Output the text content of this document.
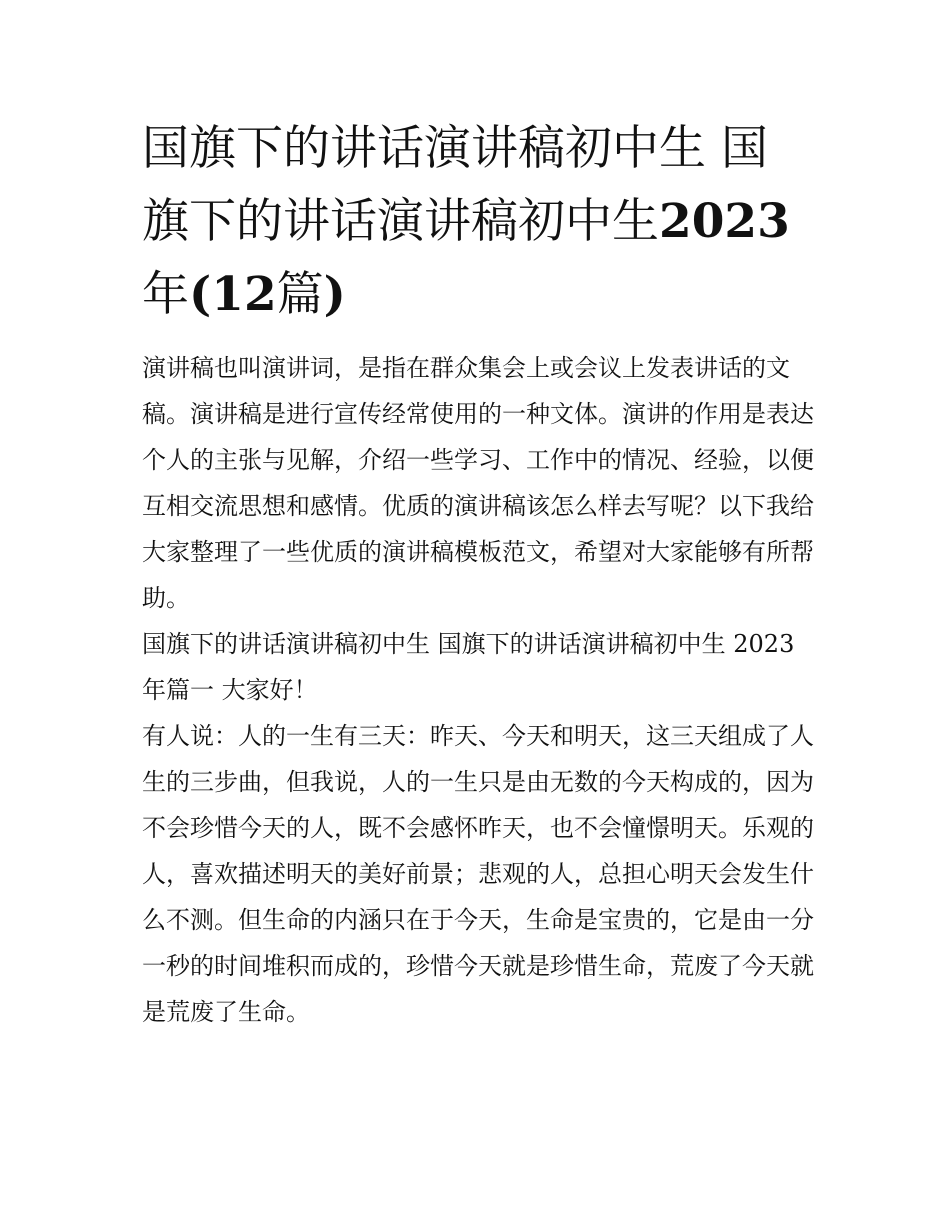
国旗下的讲话演讲稿初中生 国旗下的讲话演讲稿初中生2023年(12篇)

演讲稿也叫演讲词，是指在群众集会上或会议上发表讲话的文稿。演讲稿是进行宣传经常使用的一种文体。演讲的作用是表达个人的主张与见解，介绍一些学习、工作中的情况、经验，以便互相交流思想和感情。优质的演讲稿该怎么样去写呢？以下我给大家整理了一些优质的演讲稿模板范文，希望对大家能够有所帮助。

国旗下的讲话演讲稿初中生 国旗下的讲话演讲稿初中生 2023 年篇一 大家好！

有人说：人的一生有三天：昨天、今天和明天，这三天组成了人生的三步曲，但我说，人的一生只是由无数的今天构成的，因为不会珍惜今天的人，既不会感怀昨天，也不会憧憬明天。乐观的人，喜欢描述明天的美好前景；悲观的人，总担心明天会发生什么不测。但生命的内涵只在于今天，生命是宝贵的，它是由一分一秒的时间堆积而成的，珍惜今天就是珍惜生命，荒废了今天就是荒废了生命。
